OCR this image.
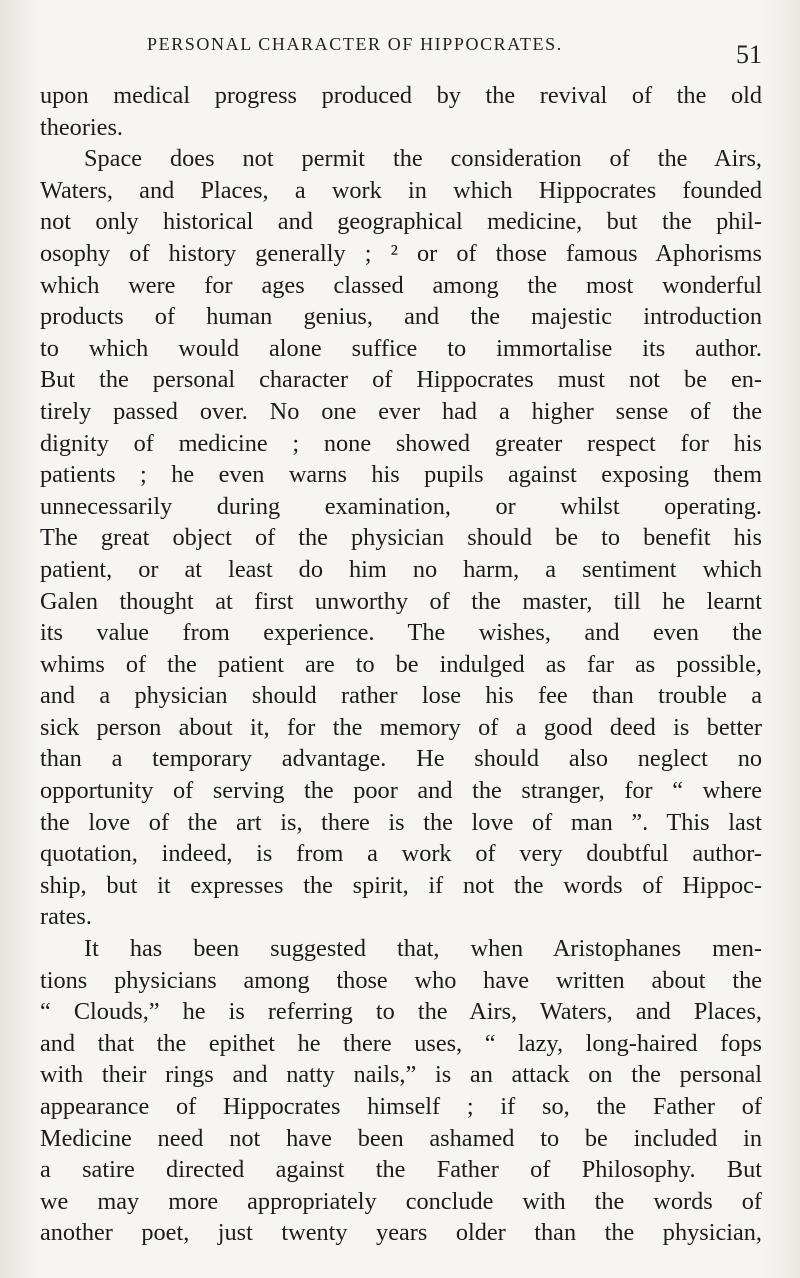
PERSONAL CHARACTER OF HIPPOCRATES.	51
upon medical progress produced by the revival of the old
theories.
Space does not permit the consideration of the Airs,
Waters, and Places, a work in which Hippocrates founded
not only historical and geographical medicine, but the phil-
osophy of history generally ; ² or of those famous Aphorisms
which were for ages classed among the most wonderful
products of human genius, and the majestic introduction
to which would alone suffice to immortalise its author.
But the personal character of Hippocrates must not be en-
tirely passed over. No one ever had a higher sense of the
dignity of medicine ; none showed greater respect for his
patients ; he even warns his pupils against exposing them
unnecessarily during examination, or whilst operating.
The great object of the physician should be to benefit his
patient, or at least do him no harm, a sentiment which
Galen thought at first unworthy of the master, till he learnt
its value from experience. The wishes, and even the
whims of the patient are to be indulged as far as possible,
and a physician should rather lose his fee than trouble a
sick person about it, for the memory of a good deed is better
than a temporary advantage. He should also neglect no
opportunity of serving the poor and the stranger, for “ where
the love of the art is, there is the love of man ”. This last
quotation, indeed, is from a work of very doubtful author-
ship, but it expresses the spirit, if not the words of Hippoc-
rates.
It has been suggested that, when Aristophanes men-
tions physicians among those who have written about the
“ Clouds,” he is referring to the Airs, Waters, and Places,
and that the epithet he there uses, “ lazy, long-haired fops
with their rings and natty nails,” is an attack on the personal
appearance of Hippocrates himself ; if so, the Father of
Medicine need not have been ashamed to be included in
a satire directed against the Father of Philosophy. But
we may more appropriately conclude with the words of
another poet, just twenty years older than the physician,
